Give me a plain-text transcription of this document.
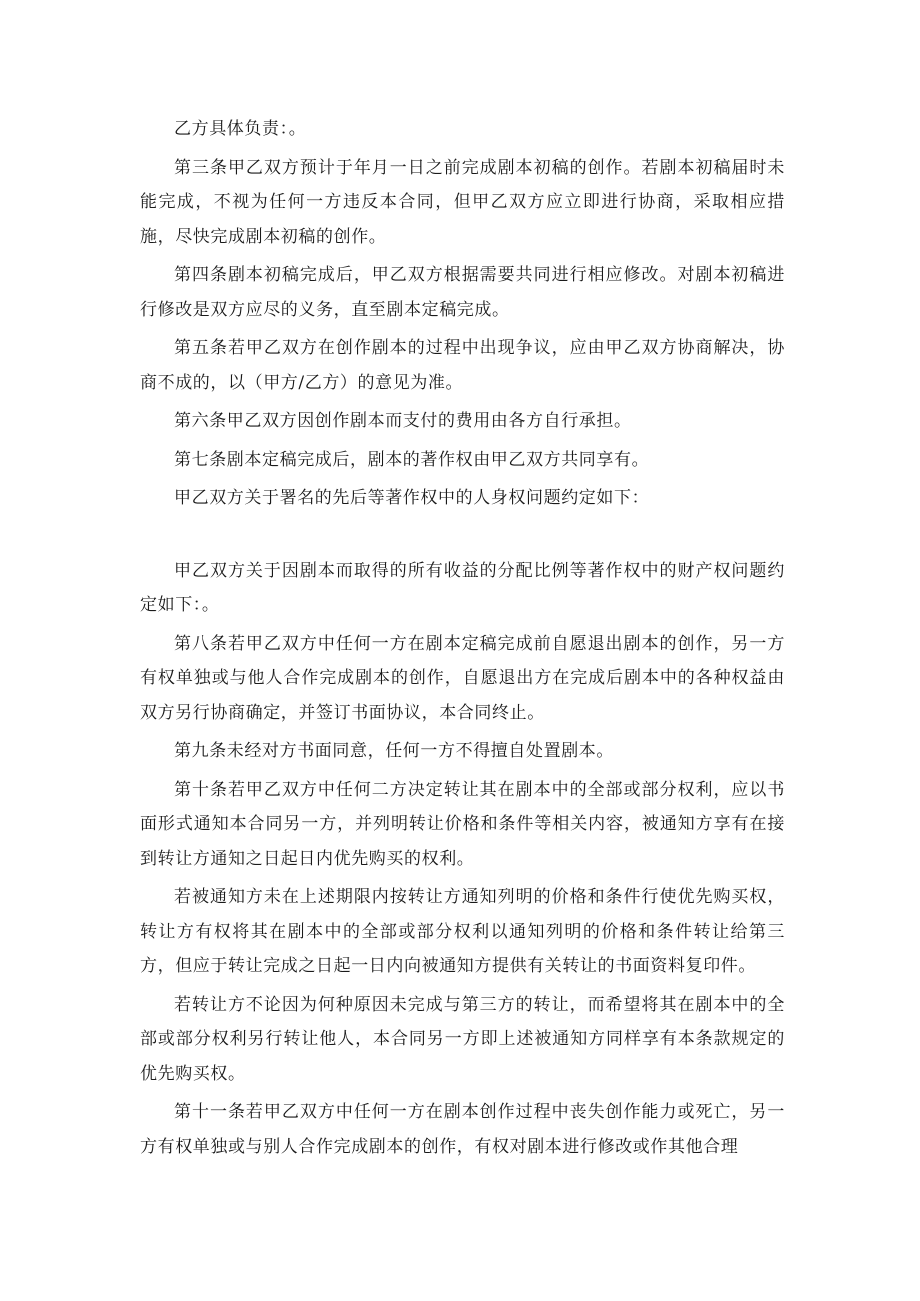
乙方具体负责：。

第三条甲乙双方预计于年月一日之前完成剧本初稿的创作。若剧本初稿届时未能完成，不视为任何一方违反本合同，但甲乙双方应立即进行协商，采取相应措施，尽快完成剧本初稿的创作。

第四条剧本初稿完成后，甲乙双方根据需要共同进行相应修改。对剧本初稿进行修改是双方应尽的义务，直至剧本定稿完成。

第五条若甲乙双方在创作剧本的过程中出现争议，应由甲乙双方协商解决，协商不成的，以（甲方/乙方）的意见为准。

第六条甲乙双方因创作剧本而支付的费用由各方自行承担。

第七条剧本定稿完成后，剧本的著作权由甲乙双方共同享有。

甲乙双方关于署名的先后等著作权中的人身权问题约定如下：

甲乙双方关于因剧本而取得的所有收益的分配比例等著作权中的财产权问题约定如下：。

第八条若甲乙双方中任何一方在剧本定稿完成前自愿退出剧本的创作，另一方有权单独或与他人合作完成剧本的创作，自愿退出方在完成后剧本中的各种权益由双方另行协商确定，并签订书面协议，本合同终止。

第九条未经对方书面同意，任何一方不得擅自处置剧本。

第十条若甲乙双方中任何二方决定转让其在剧本中的全部或部分权利，应以书面形式通知本合同另一方，并列明转让价格和条件等相关内容，被通知方享有在接到转让方通知之日起日内优先购买的权利。

若被通知方未在上述期限内按转让方通知列明的价格和条件行使优先购买权，转让方有权将其在剧本中的全部或部分权利以通知列明的价格和条件转让给第三方，但应于转让完成之日起一日内向被通知方提供有关转让的书面资料复印件。

若转让方不论因为何种原因未完成与第三方的转让，而希望将其在剧本中的全部或部分权利另行转让他人，本合同另一方即上述被通知方同样享有本条款规定的优先购买权。

第十一条若甲乙双方中任何一方在剧本创作过程中丧失创作能力或死亡，另一方有权单独或与别人合作完成剧本的创作，有权对剧本进行修改或作其他合理
